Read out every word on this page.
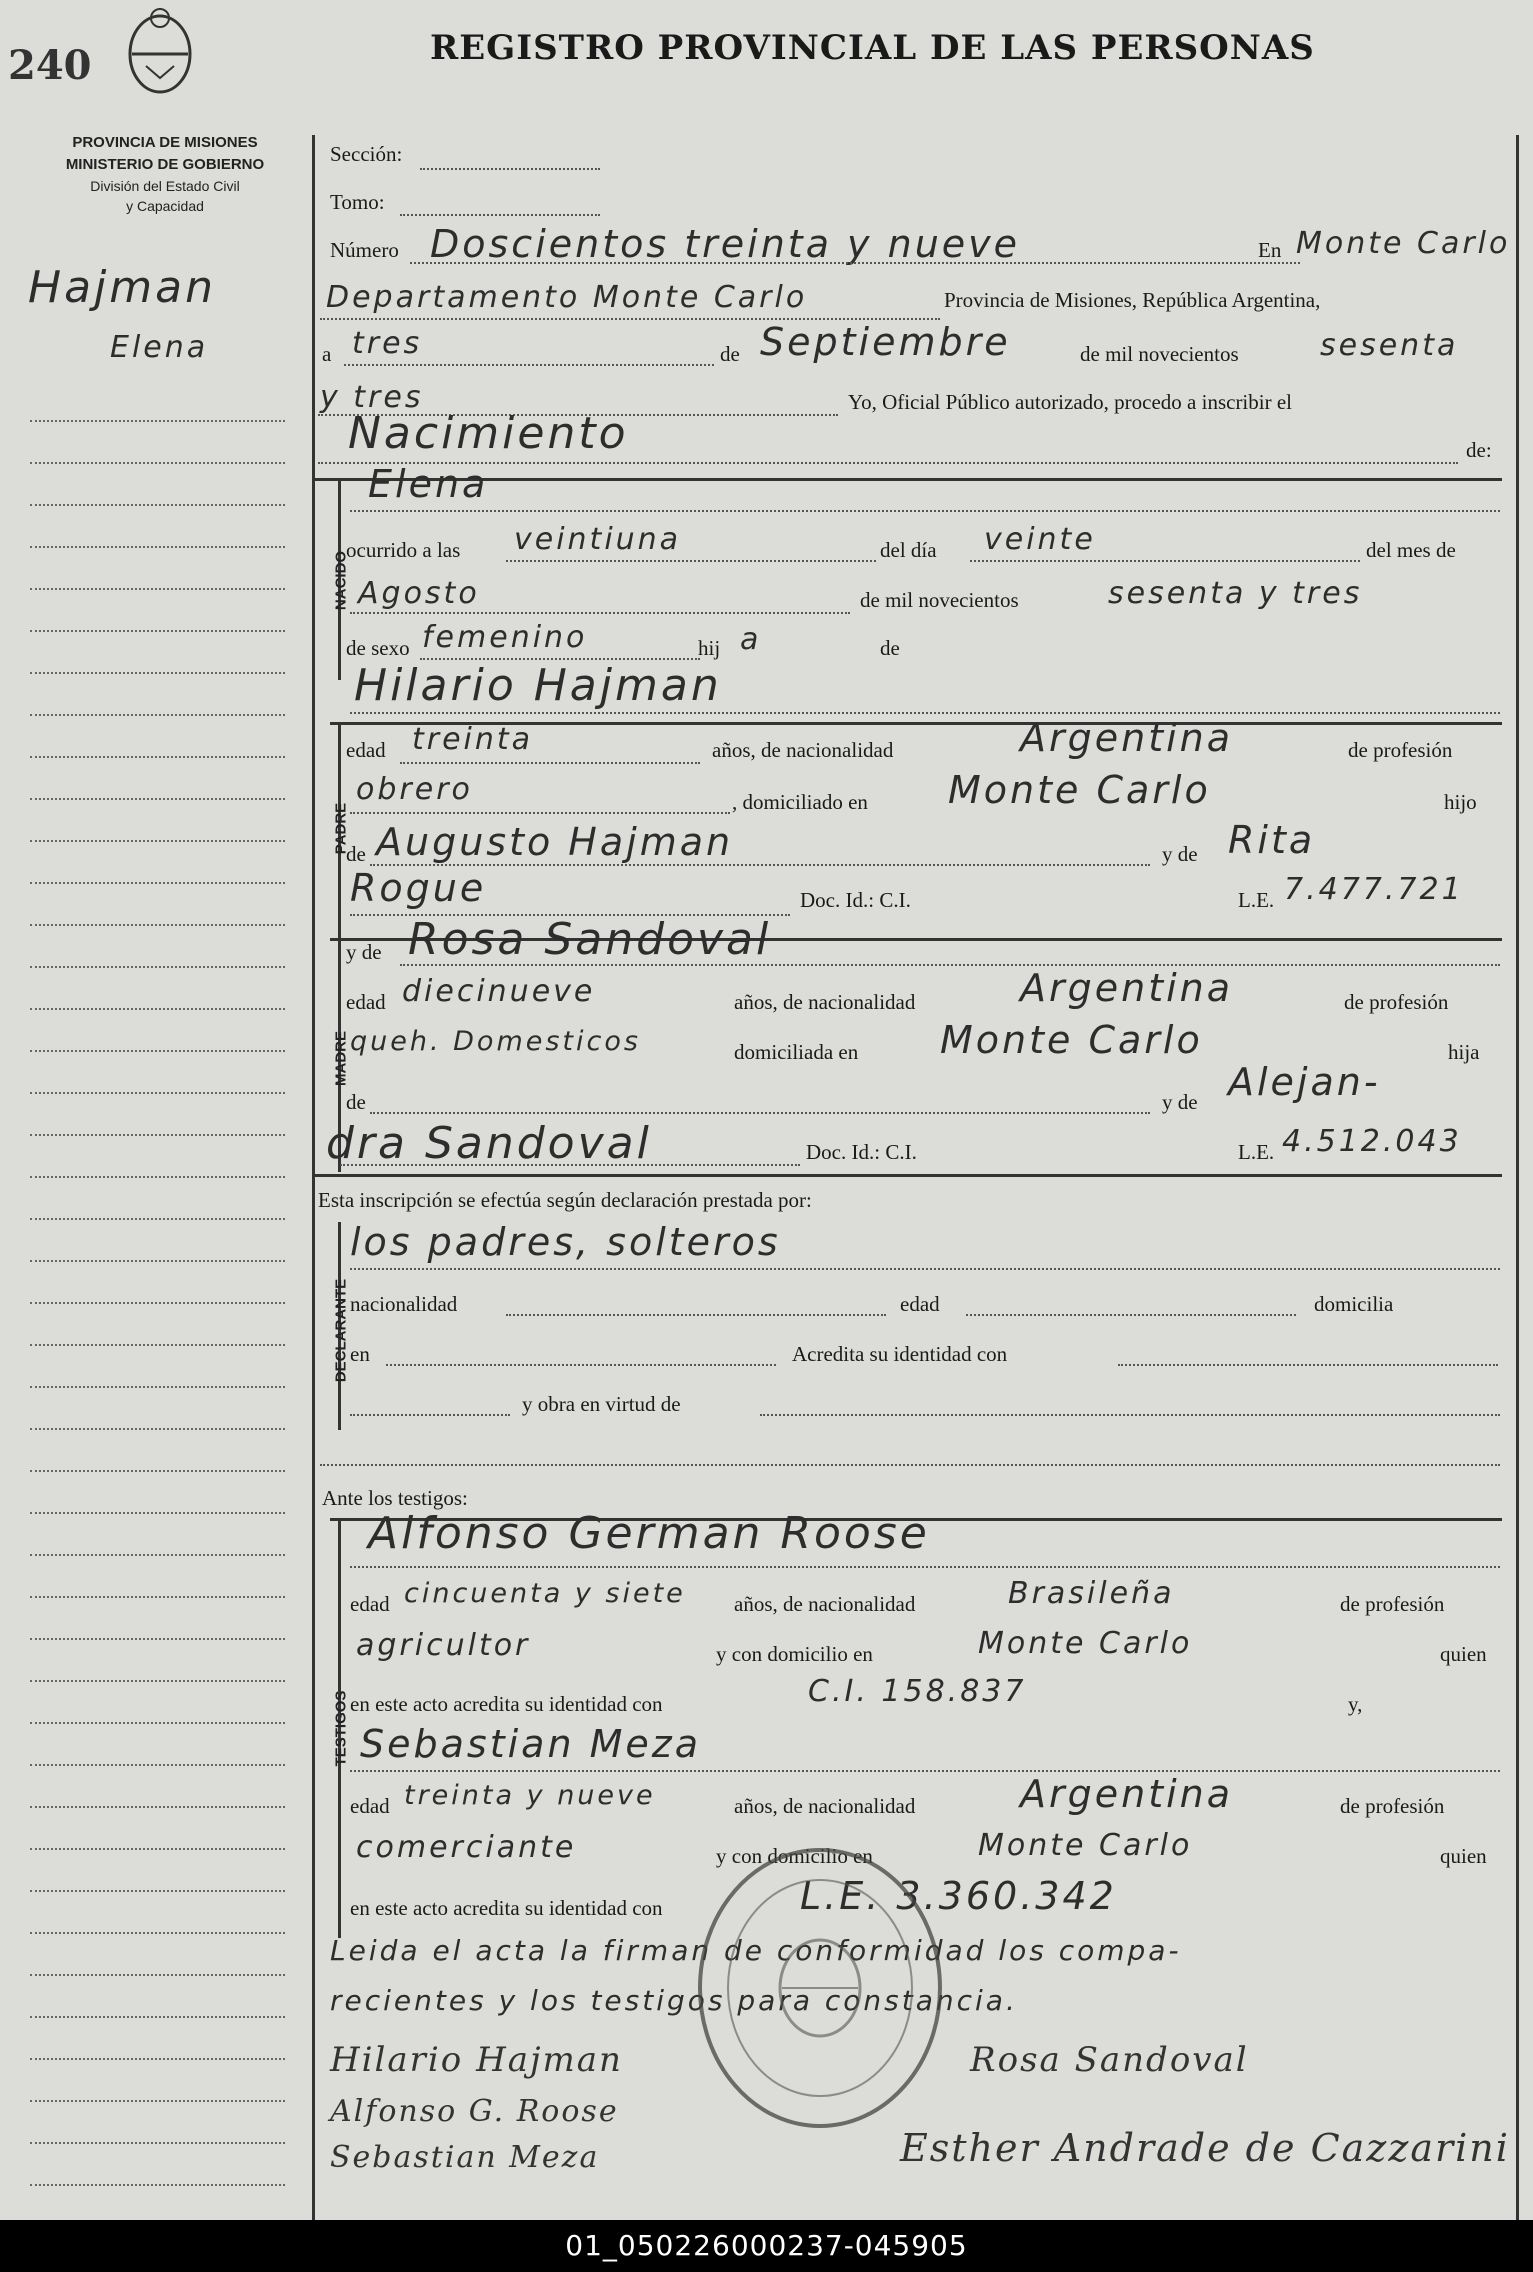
240	REGISTRO PROVINCIAL DE LAS PERSONAS
PROVINCIA DE MISIONES
MINISTERIO DE GOBIERNO
División del Estado Civil
y Capacidad
Hajman
Elena
Sección:
Tomo:
Número Doscientos treinta y nueve	En Monte Carlo
Departamento Monte Carlo	Provincia de Misiones, República Argentina,
a tres	de Septiembre	de mil novecientos	sesenta
y tres	Yo, Oficial Público autorizado, procedo a inscribir el
Nacimiento	de:
NACIDO
Elena
ocurrido a las veintiuna	del día veinte	del mes de
Agosto	de mil novecientos	sesenta y tres
de sexo femenino	hij a	de
Hilario Hajman
PADRE
edad treinta	años, de nacionalidad	Argentina	de profesión
obrero	, domiciliado en Monte Carlo	hijo
de Augusto Hajman	y de Rita
Rogue	Doc. Id.: C.I.	L.E. 7.477.721
MADRE
y de Rosa Sandoval
edad diecinueve	años, de nacionalidad	Argentina	de profesión
queh. Domesticos	domiciliada en Monte Carlo	hija
de	y de Alejan-
dra Sandoval	Doc. Id.: C.I.	L.E. 4.512.043
Esta inscripción se efectúa según declaración prestada por:
DECLARANTE
los padres, solteros
nacionalidad	edad	domicilia
en	Acredita su identidad con
y obra en virtud de
Ante los testigos:
TESTIGOS
Alfonso German Roose
edad cincuenta y siete años, de nacionalidad	Brasileña	de profesión
agricultor	y con domicilio en	Monte Carlo	quien
en este acto acredita su identidad con	C.I. 158.837	y,
Sebastian Meza
edad treinta y nueve	años, de nacionalidad	Argentina	de profesión
comerciante	y con domicilio en	Monte Carlo	quien
en este acto acredita su identidad con	L.E. 3.360.342
Leida el acta la firman de conformidad los compa-
recientes y los testigos para constancia.
Hilario Hajman	Rosa Sandoval
Alfonso G. Roose
Sebastian Meza	Esther Andrade de Cazzarini
01_050226000237-045905
